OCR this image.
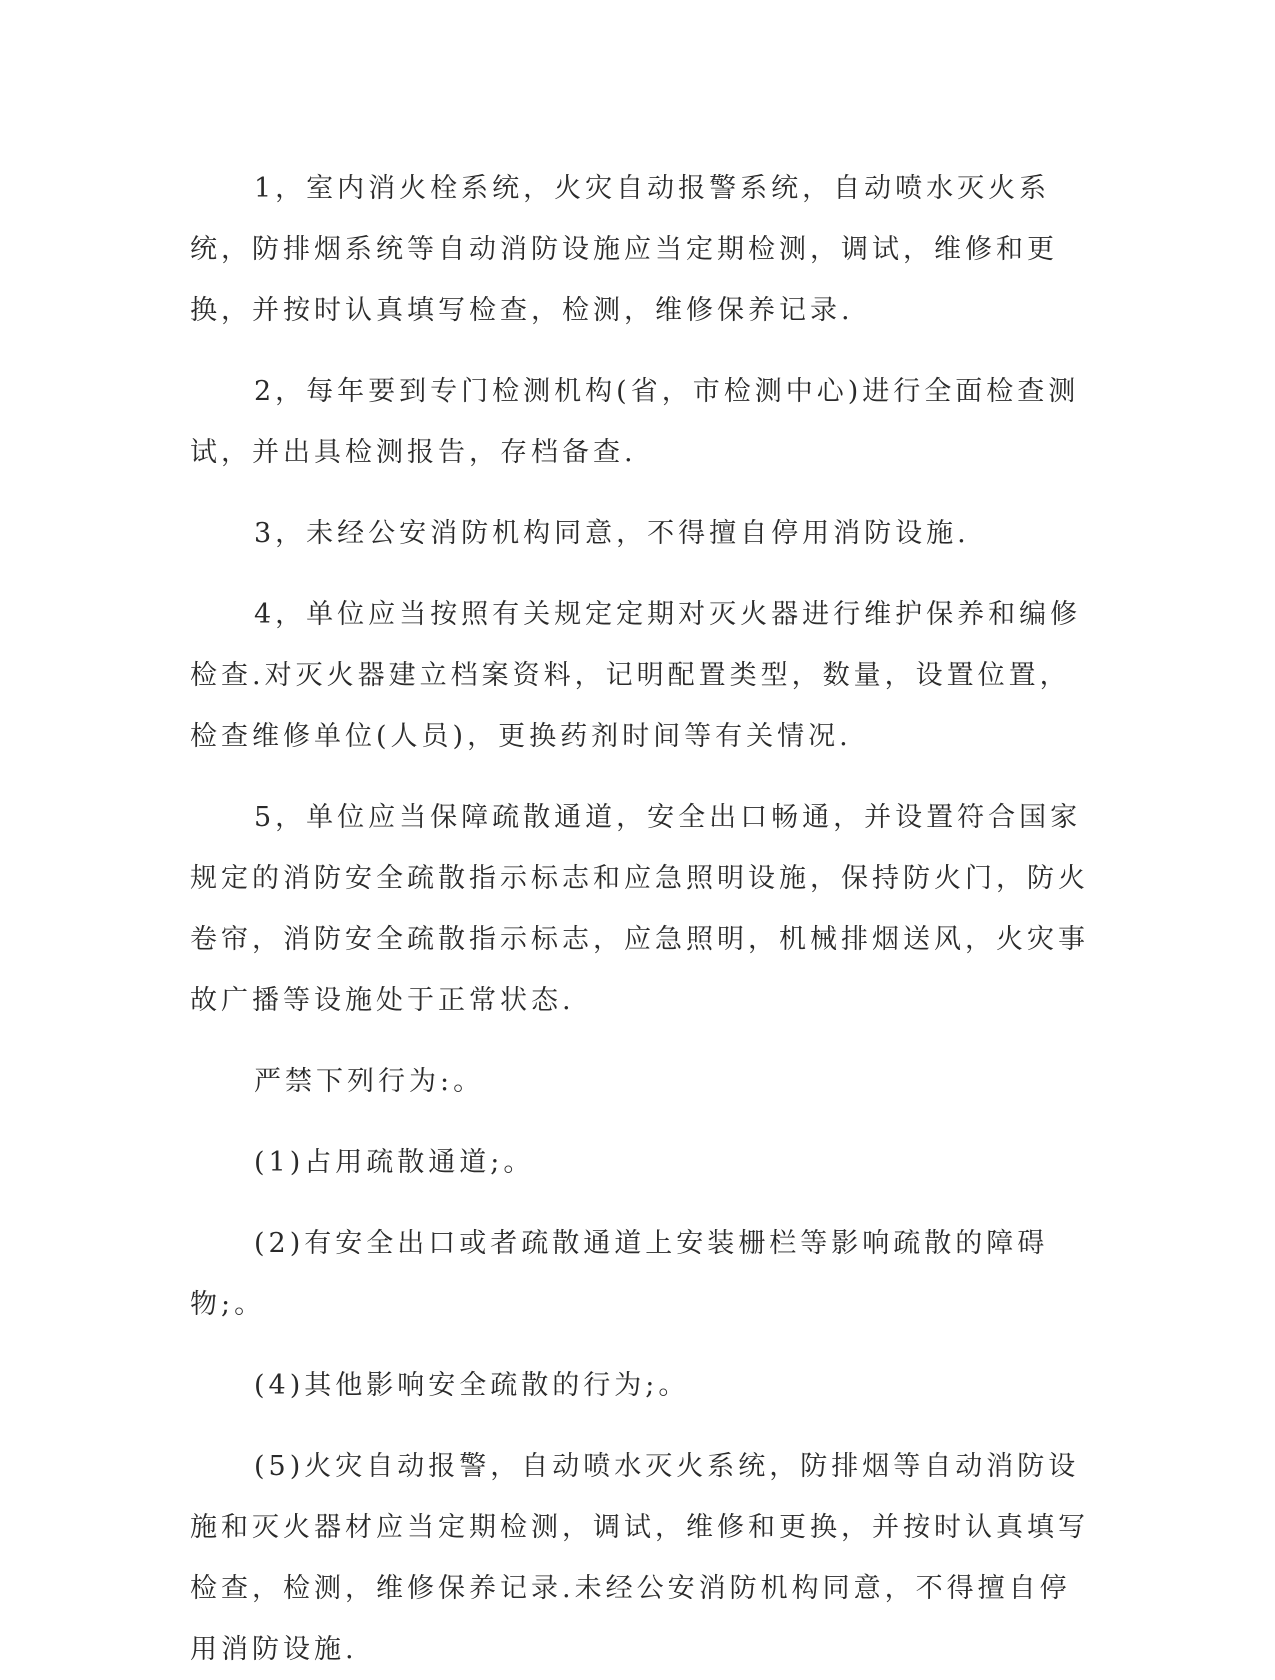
1，室内消火栓系统，火灾自动报警系统，自动喷水灭火系统，防排烟系统等自动消防设施应当定期检测，调试，维修和更换，并按时认真填写检查，检测，维修保养记录.

2，每年要到专门检测机构(省，市检测中心)进行全面检查测试，并出具检测报告，存档备查.

3，未经公安消防机构同意，不得擅自停用消防设施.

4，单位应当按照有关规定定期对灭火器进行维护保养和编修检查.对灭火器建立档案资料，记明配置类型，数量，设置位置，检查维修单位(人员)，更换药剂时间等有关情况.

5，单位应当保障疏散通道，安全出口畅通，并设置符合国家规定的消防安全疏散指示标志和应急照明设施，保持防火门，防火卷帘，消防安全疏散指示标志，应急照明，机械排烟送风，火灾事故广播等设施处于正常状态.

严禁下列行为:。

(1)占用疏散通道;。

(2)有安全出口或者疏散通道上安装栅栏等影响疏散的障碍物;。

(4)其他影响安全疏散的行为;。

(5)火灾自动报警，自动喷水灭火系统，防排烟等自动消防设施和灭火器材应当定期检测，调试，维修和更换，并按时认真填写检查，检测，维修保养记录.未经公安消防机构同意，不得擅自停用消防设施.
